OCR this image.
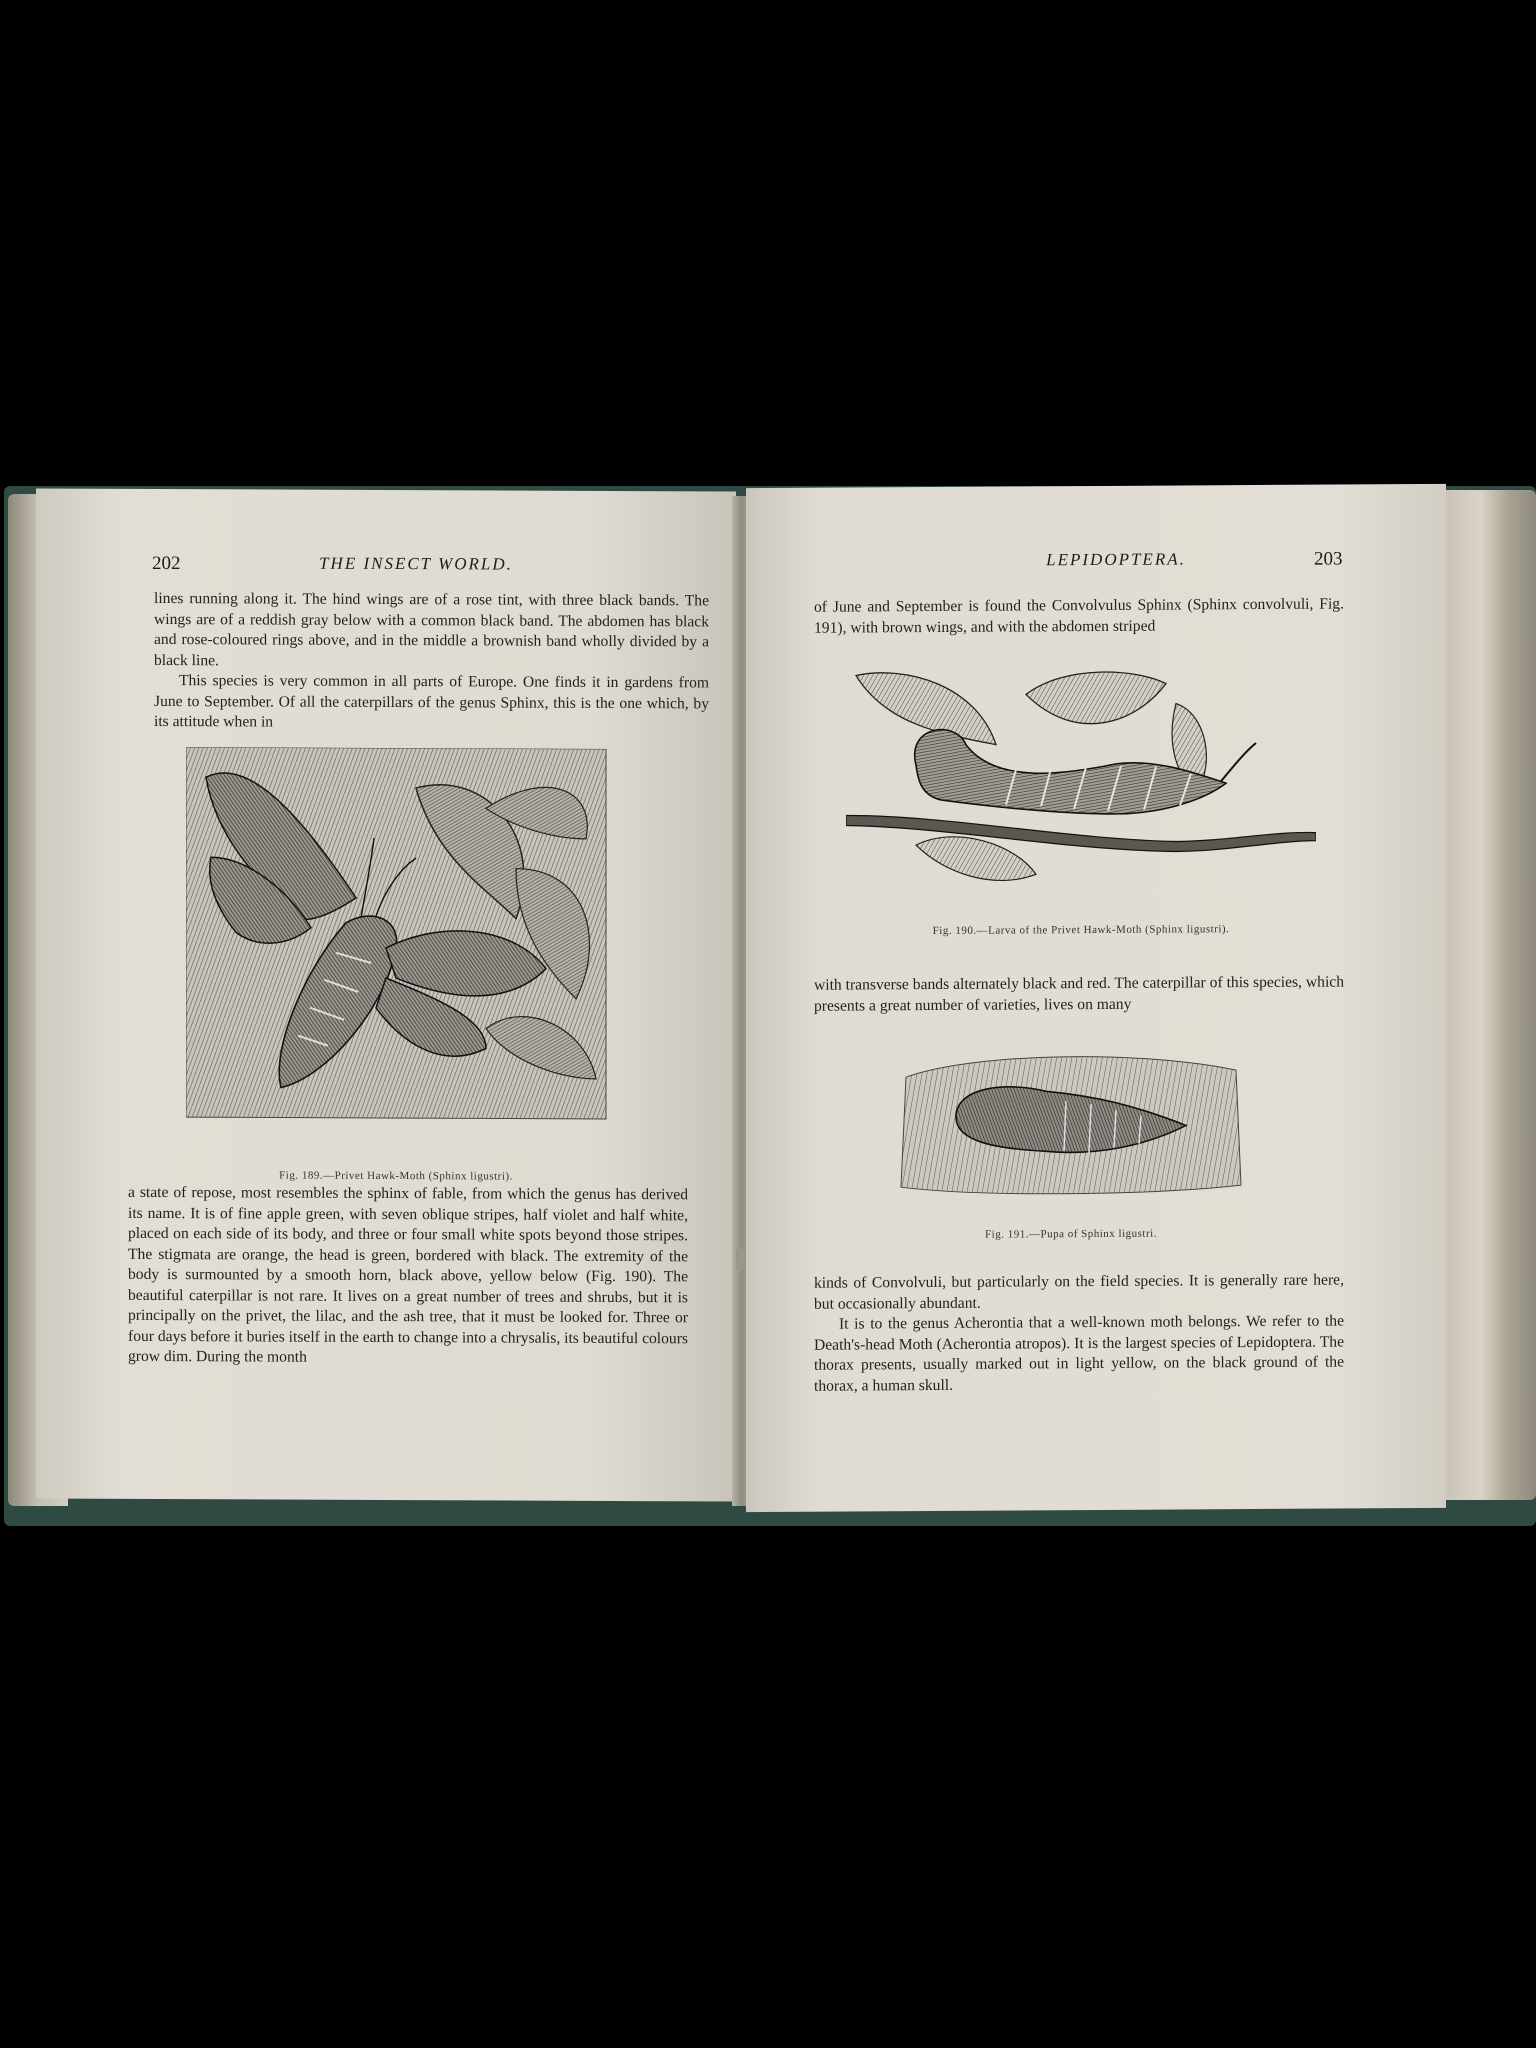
202	THE INSECT WORLD.

lines running along it. The hind wings are of a rose tint, with three black bands. The wings are of a reddish gray below with a common black band. The abdomen has black and rose-coloured rings above, and in the middle a brownish band wholly divided by a black line.

This species is very common in all parts of Europe. One finds it in gardens from June to September. Of all the caterpillars of the genus Sphinx, this is the one which, by its attitude when in

Fig. 189.—Privet Hawk-Moth (Sphinx ligustri).

a state of repose, most resembles the sphinx of fable, from which the genus has derived its name. It is of fine apple green, with seven oblique stripes, half violet and half white, placed on each side of its body, and three or four small white spots beyond those stripes. The stigmata are orange, the head is green, bordered with black. The extremity of the body is surmounted by a smooth horn, black above, yellow below (Fig. 190). The beautiful caterpillar is not rare. It lives on a great number of trees and shrubs, but it is principally on the privet, the lilac, and the ash tree, that it must be looked for. Three or four days before it buries itself in the earth to change into a chrysalis, its beautiful colours grow dim. During the month

LEPIDOPTERA.	203

of June and September is found the Convolvulus Sphinx (Sphinx convolvuli, Fig. 191), with brown wings, and with the abdomen striped

Fig. 190.—Larva of the Privet Hawk-Moth (Sphinx ligustri).

with transverse bands alternately black and red. The caterpillar of this species, which presents a great number of varieties, lives on many

Fig. 191.—Pupa of Sphinx ligustri.

kinds of Convolvuli, but particularly on the field species. It is generally rare here, but occasionally abundant.

It is to the genus Acherontia that a well-known moth belongs. We refer to the Death's-head Moth (Acherontia atropos). It is the largest species of Lepidoptera. The thorax presents, usually marked out in light yellow, on the black ground of the thorax, a human skull.
